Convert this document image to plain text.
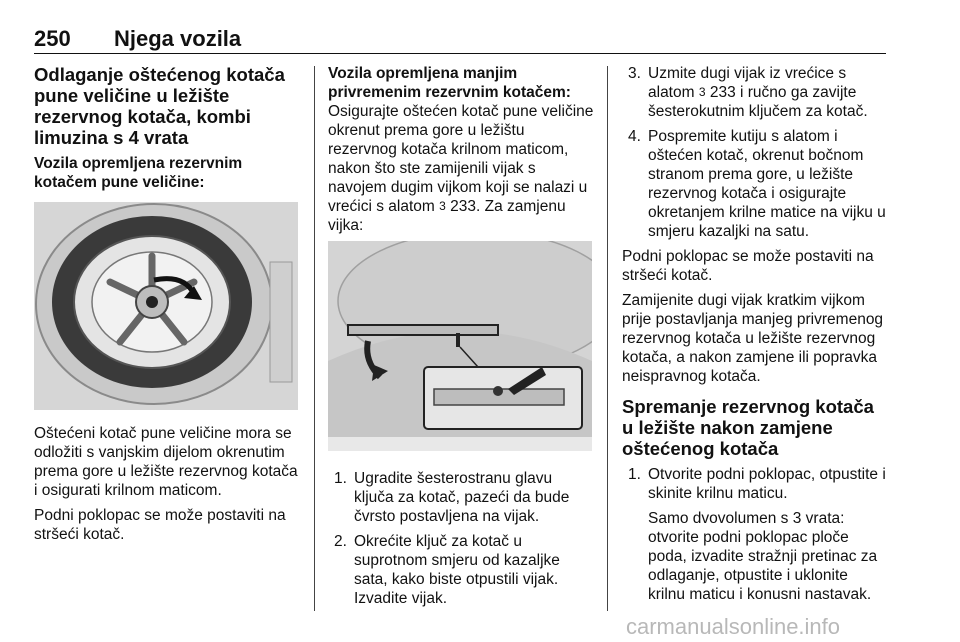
250 Njega vozila
Odlaganje oštećenog kotača pune veličine u ležište rezervnog kotača, kombi limuzina s 4 vrata
Vozila opremljena rezervnim kotačem pune veličine:

Oštećeni kotač pune veličine mora se odložiti s vanjskim dijelom okrenutim prema gore u ležište rezervnog kotača i osigurati krilnom maticom.

Podni poklopac se može postaviti na stršeći kotač.

Vozila opremljena manjim privremenim rezervnim kotačem:

Osigurajte oštećen kotač pune veličine okrenut prema gore u ležištu rezervnog kotača krilnom maticom, nakon što ste zamijenili vijak s navojem dugim vijkom koji se nalazi u vrećici s alatom 3 233. Za zamjenu vijka:

1. Ugradite šesterostranu glavu ključa za kotač, pazeći da bude čvrsto postavljena na vijak.
2. Okrećite ključ za kotač u suprotnom smjeru od kazaljke sata, kako biste otpustili vijak. Izvadite vijak.
3. Uzmite dugi vijak iz vrećice s alatom 3 233 i ručno ga zavijte šesterokutnim ključem za kotač.
4. Pospremite kutiju s alatom i oštećen kotač, okrenut bočnom stranom prema gore, u ležište rezervnog kotača i osigurajte okretanjem krilne matice na vijku u smjeru kazaljki na satu.

Podni poklopac se može postaviti na stršeći kotač.

Zamijenite dugi vijak kratkim vijkom prije postavljanja manjeg privremenog rezervnog kotača u ležište rezervnog kotača, a nakon zamjene ili popravka neispravnog kotača.

Spremanje rezervnog kotača u ležište nakon zamjene oštećenog kotača
1. Otvorite podni poklopac, otpustite i skinite krilnu maticu.

Samo dvovolumen s 3 vrata: otvorite podni poklopac ploče poda, izvadite stražnji pretinac za odlaganje, otpustite i uklonite krilnu maticu i konusni nastavak.

carmanualsonline.info
